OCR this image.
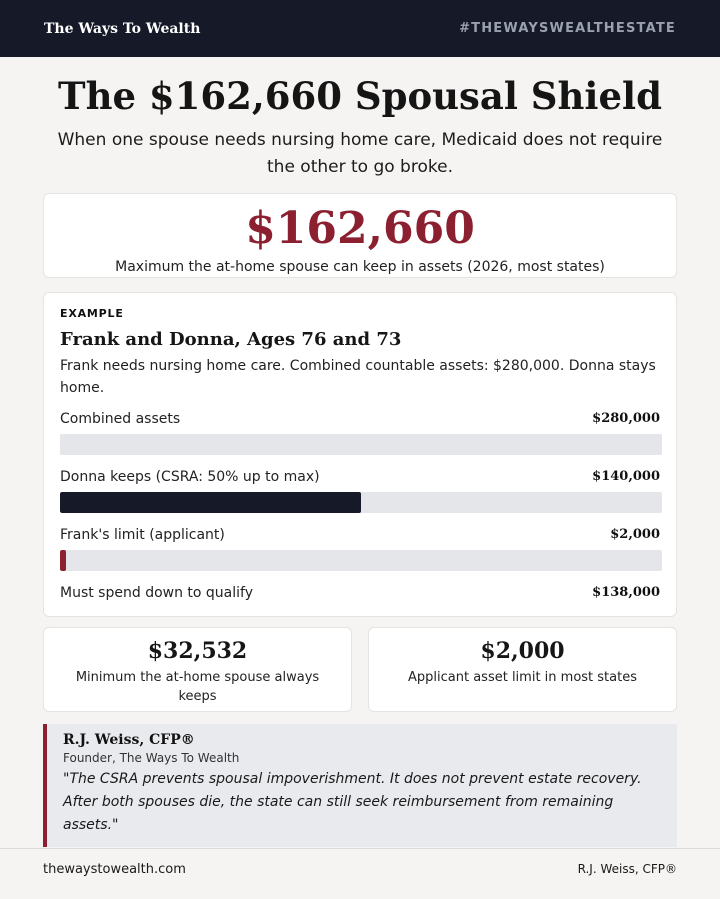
The Ways To Wealth	#THEWAYSWEALTHESTATE
The $162,660 Spousal Shield
When one spouse needs nursing home care, Medicaid does not require the other to go broke.
$162,660
Maximum the at-home spouse can keep in assets (2026, most states)
EXAMPLE
Frank and Donna, Ages 76 and 73
Frank needs nursing home care. Combined countable assets: $280,000. Donna stays home.
Combined assets	$280,000
Donna keeps (CSRA: 50% up to max)	$140,000
Frank's limit (applicant)	$2,000
Must spend down to qualify	$138,000
$32,532
Minimum the at-home spouse always keeps
$2,000
Applicant asset limit in most states
R.J. Weiss, CFP®
Founder, The Ways To Wealth
"The CSRA prevents spousal impoverishment. It does not prevent estate recovery. After both spouses die, the state can still seek reimbursement from remaining assets."
thewaystowealth.com	R.J. Weiss, CFP®
